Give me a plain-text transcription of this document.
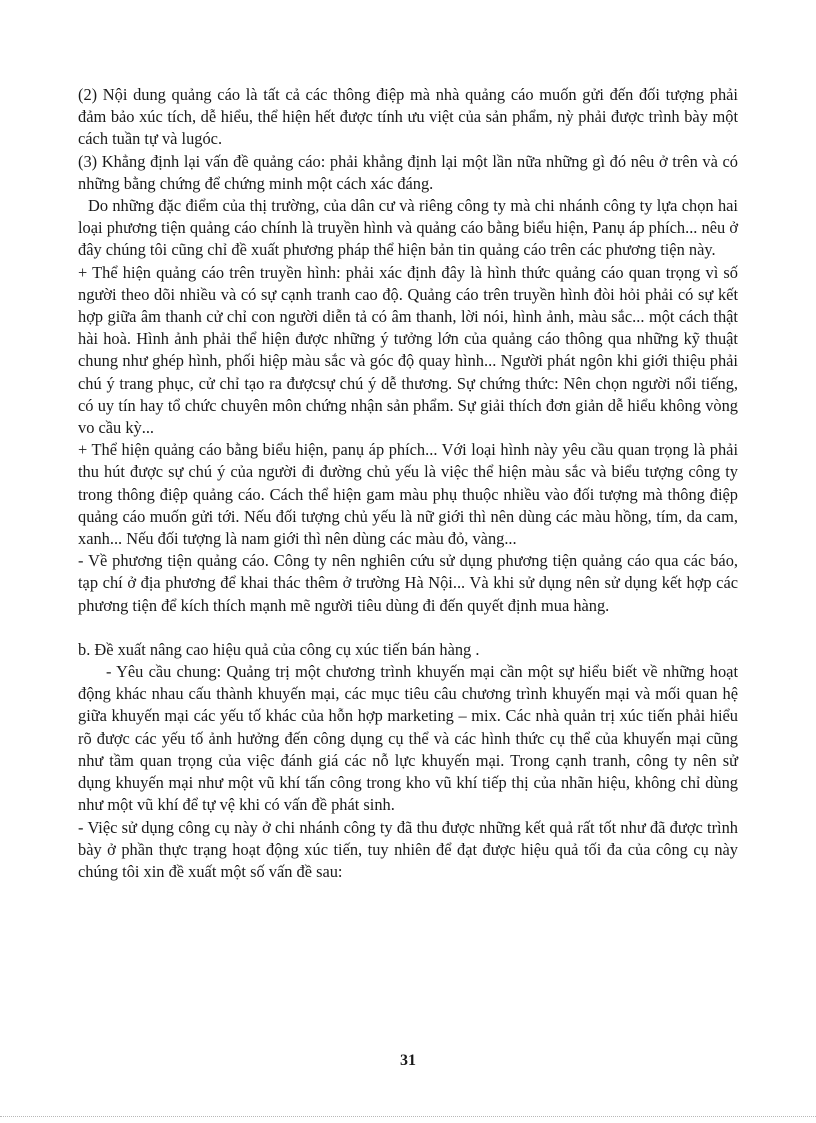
(2) Nội dung quảng cáo là tất cả các thông điệp mà nhà quảng cáo muốn gửi đến đối tượng phải đảm bảo xúc tích, dễ hiểu, thể hiện hết được tính ưu việt của sản phẩm, nỳ phải được trình bày một cách tuần tự và lugóc.

(3) Khẳng định lại vấn đề quảng cáo: phải khẳng định lại một lần nữa những gì đó nêu ở trên và có những bằng chứng để chứng minh một cách xác đáng.

Do những đặc điểm của thị trường, của dân cư và riêng công ty mà chi nhánh công ty lựa chọn hai loại phương tiện quảng cáo chính là truyền hình và quảng cáo bằng biểu hiện, Panụ áp phích... nêu ở đây chúng tôi cũng chỉ đề xuất phương pháp thể hiện bản tin quảng cáo trên các phương tiện này.

+ Thể hiện quảng cáo trên truyền hình: phải xác định đây là hình thức quảng cáo quan trọng vì số người theo dõi nhiều và có sự cạnh tranh cao độ. Quảng cáo trên truyền hình đòi hỏi phải có sự kết hợp giữa âm thanh cử chỉ con người diễn tả có âm thanh, lời nói, hình ảnh, màu sắc... một cách thật hài hoà. Hình ảnh phải thể hiện được những ý tưởng lớn của quảng cáo thông qua những kỹ thuật chung như ghép hình, phối hiệp màu sắc và góc độ quay hình... Người phát ngôn khi giới thiệu phải chú ý trang phục, cử chỉ tạo ra đượcsự chú ý dễ thương. Sự chứng thức: Nên chọn người nổi tiếng, có uy tín hay tổ chức chuyên môn chứng nhận sản phẩm. Sự giải thích đơn giản dễ hiểu không vòng vo cầu kỳ...

+ Thể hiện quảng cáo bằng biểu hiện, panụ áp phích... Với loại hình này yêu cầu quan trọng là phải thu hút được sự chú ý của người đi đường chủ yếu là việc thể hiện màu sắc và biểu tượng công ty trong thông điệp quảng cáo. Cách thể hiện gam màu phụ thuộc nhiều vào đối tượng mà thông điệp quảng cáo muốn gửi tới. Nếu đối tượng chủ yếu là nữ giới thì nên dùng các màu hồng, tím, da cam, xanh... Nếu đối tượng là nam giới thì nên dùng các màu đỏ, vàng...

- Về phương tiện quảng cáo. Công ty nên nghiên cứu sử dụng phương tiện quảng cáo qua các báo, tạp chí ở địa phương để khai thác thêm ở trường Hà Nội... Và khi sử dụng nên sử dụng kết hợp các phương tiện để kích thích mạnh mẽ người tiêu dùng đi đến quyết định mua hàng.

b. Đề xuất nâng cao hiệu quả của công cụ xúc tiến bán hàng .

- Yêu cầu chung: Quảng trị một chương trình khuyến mại cần một sự hiểu biết về những hoạt động khác nhau cấu thành khuyến mại, các mục tiêu câu chương trình khuyến mại và mối quan hệ giữa khuyến mại các yếu tố khác của hỗn hợp marketing – mix. Các nhà quản trị xúc tiến phải hiểu rõ được các yếu tố ảnh hưởng đến công dụng cụ thể và các hình thức cụ thể của khuyến mại cũng như tầm quan trọng của việc đánh giá các nỗ lực khuyến mại. Trong cạnh tranh, công ty nên sử dụng khuyến mại như một vũ khí tấn công trong kho vũ khí tiếp thị của nhãn hiệu, không chỉ dùng như một vũ khí để tự vệ khi có vấn đề phát sinh.

- Việc sử dụng công cụ này ở chi nhánh công ty đã thu được những kết quả rất tốt như đã được trình bày ở phần thực trạng hoạt động xúc tiến, tuy nhiên để đạt được hiệu quả tối đa của công cụ này chúng tôi xin đề xuất một số vấn đề sau:

31
